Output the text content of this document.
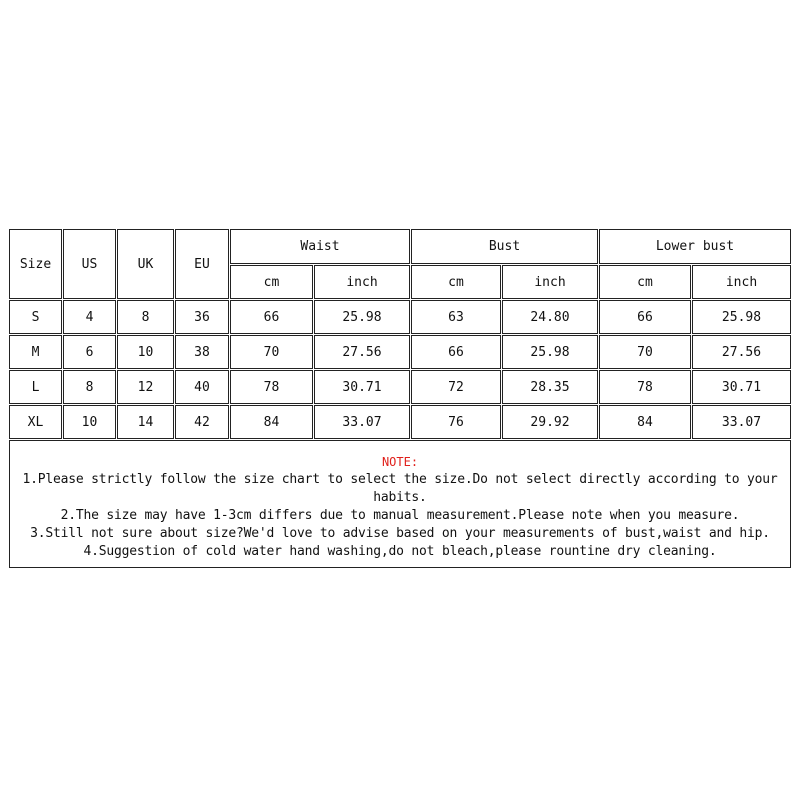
Size	US	UK	EU
Waist	Bust	Lower bust
cm	inch	cm	inch	cm	inch
S	4	8	36	66	25.98	63	24.80	66	25.98
M	6	10	38	70	27.56	66	25.98	70	27.56
L	8	12	40	78	30.71	72	28.35	78	30.71
XL	10	14	42	84	33.07	76	29.92	84	33.07
NOTE:
1.Please strictly follow the size chart to select the size.Do not select directly according to your habits.
2.The size may have 1-3cm differs due to manual measurement.Please note when you measure.
3.Still not sure about size?We'd love to advise based on your measurements of bust,waist and hip.
4.Suggestion of cold water hand washing,do not bleach,please rountine dry cleaning.
